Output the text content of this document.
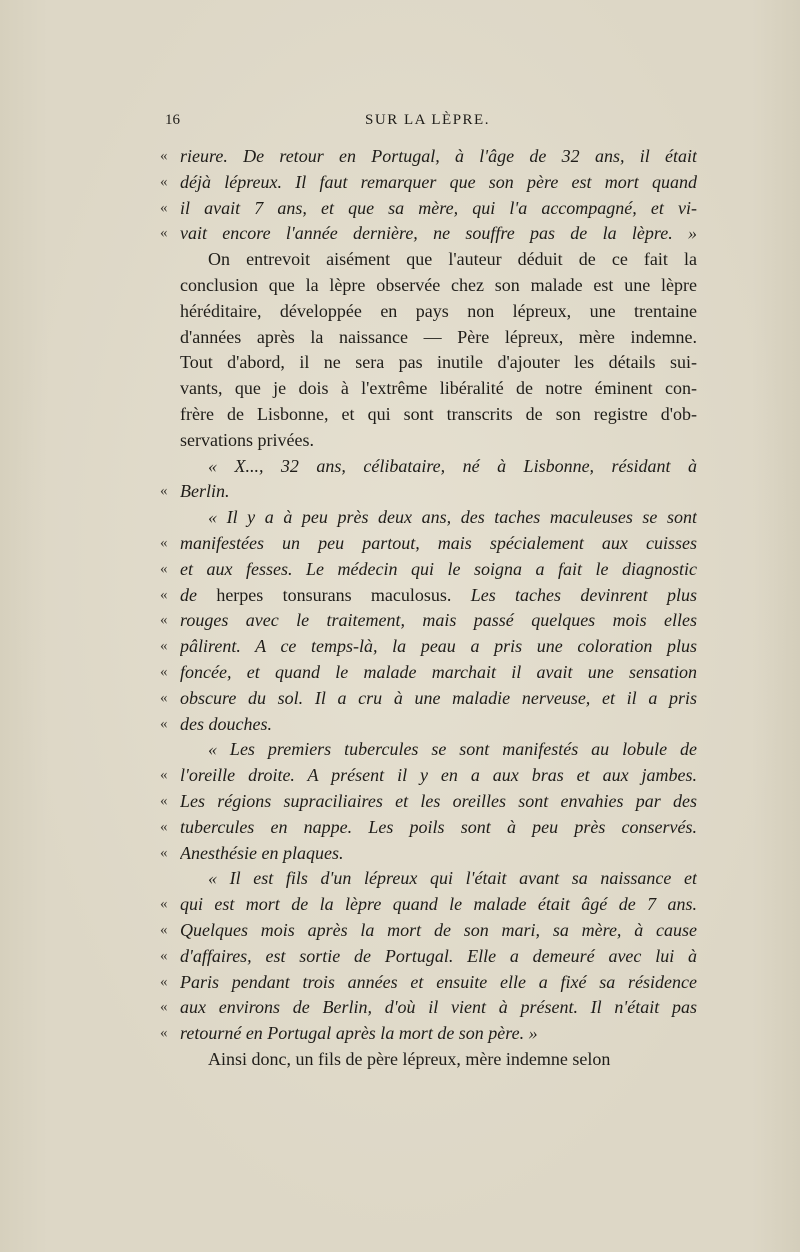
16	SUR LA LÈPRE.
« rieure. De retour en Portugal, à l'âge de 32 ans, il était
« déjà lépreux. Il faut remarquer que son père est mort quand
« il avait 7 ans, et que sa mère, qui l'a accompagné, et vi-
« vait encore l'année dernière, ne souffre pas de la lèpre. »
On entrevoit aisément que l'auteur déduit de ce fait la
conclusion que la lèpre observée chez son malade est une lèpre
héréditaire, développée en pays non lépreux, une trentaine
d'années après la naissance — Père lépreux, mère indemne.
Tout d'abord, il ne sera pas inutile d'ajouter les détails sui-
vants, que je dois à l'extrême libéralité de notre éminent con-
frère de Lisbonne, et qui sont transcrits de son registre d'ob-
servations privées.
« X..., 32 ans, célibataire, né à Lisbonne, résidant à
« Berlin.
« Il y a à peu près deux ans, des taches maculeuses se sont
« manifestées un peu partout, mais spécialement aux cuisses
« et aux fesses. Le médecin qui le soigna a fait le diagnostic
« de herpes tonsurans maculosus. Les taches devinrent plus
« rouges avec le traitement, mais passé quelques mois elles
« pâlirent. A ce temps-là, la peau a pris une coloration plus
« foncée, et quand le malade marchait il avait une sensation
« obscure du sol. Il a cru à une maladie nerveuse, et il a pris
« des douches.
« Les premiers tubercules se sont manifestés au lobule de
« l'oreille droite. A présent il y en a aux bras et aux jambes.
« Les régions supraciliaires et les oreilles sont envahies par des
« tubercules en nappe. Les poils sont à peu près conservés.
« Anesthésie en plaques.
« Il est fils d'un lépreux qui l'était avant sa naissance et
« qui est mort de la lèpre quand le malade était âgé de 7 ans.
« Quelques mois après la mort de son mari, sa mère, à cause
« d'affaires, est sortie de Portugal. Elle a demeuré avec lui à
« Paris pendant trois années et ensuite elle a fixé sa résidence
« aux environs de Berlin, d'où il vient à présent. Il n'était pas
« retourné en Portugal après la mort de son père. »
Ainsi donc, un fils de père lépreux, mère indemne selon
